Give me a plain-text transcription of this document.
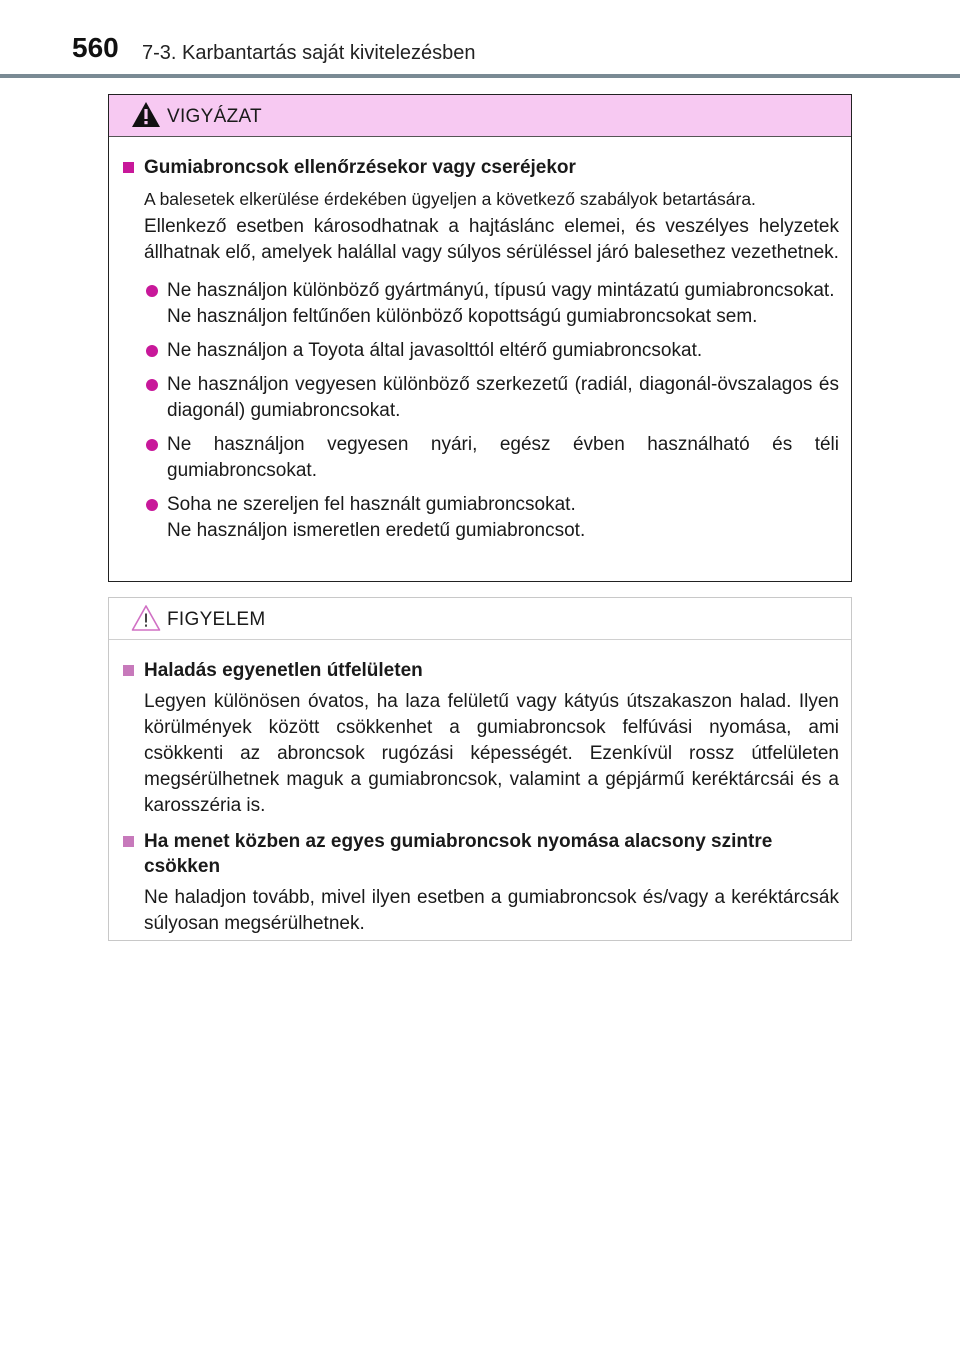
560 7-3. Karbantartás saját kivitelezésben
VIGYÁZAT
Gumiabroncsok ellenőrzésekor vagy cseréjekor
A balesetek elkerülése érdekében ügyeljen a következő szabályok betartására.
Ellenkező esetben károsodhatnak a hajtáslánc elemei, és veszélyes helyzetek állhatnak elő, amelyek halállal vagy súlyos sérüléssel járó balesethez vezethetnek.
Ne használjon különböző gyártmányú, típusú vagy mintázatú gumiabroncsokat.
Ne használjon feltűnően különböző kopottságú gumiabroncsokat sem.
Ne használjon a Toyota által javasolttól eltérő gumiabroncsokat.
Ne használjon vegyesen különböző szerkezetű (radiál, diagonál-övszalagos és diagonál) gumiabroncsokat.
Ne használjon vegyesen nyári, egész évben használható és téli gumiabroncsokat.
Soha ne szereljen fel használt gumiabroncsokat.
Ne használjon ismeretlen eredetű gumiabroncsot.
FIGYELEM
Haladás egyenetlen útfelületen
Legyen különösen óvatos, ha laza felületű vagy kátyús útszakaszon halad. Ilyen körülmények között csökkenhet a gumiabroncsok felfúvási nyomása, ami csökkenti az abroncsok rugózási képességét. Ezenkívül rossz útfelületen megsérülhetnek maguk a gumiabroncsok, valamint a gépjármű keréktárcsái és a karosszéria is.
Ha menet közben az egyes gumiabroncsok nyomása alacsony szintre csökken
Ne haladjon tovább, mivel ilyen esetben a gumiabroncsok és/vagy a keréktárcsák súlyosan megsérülhetnek.
